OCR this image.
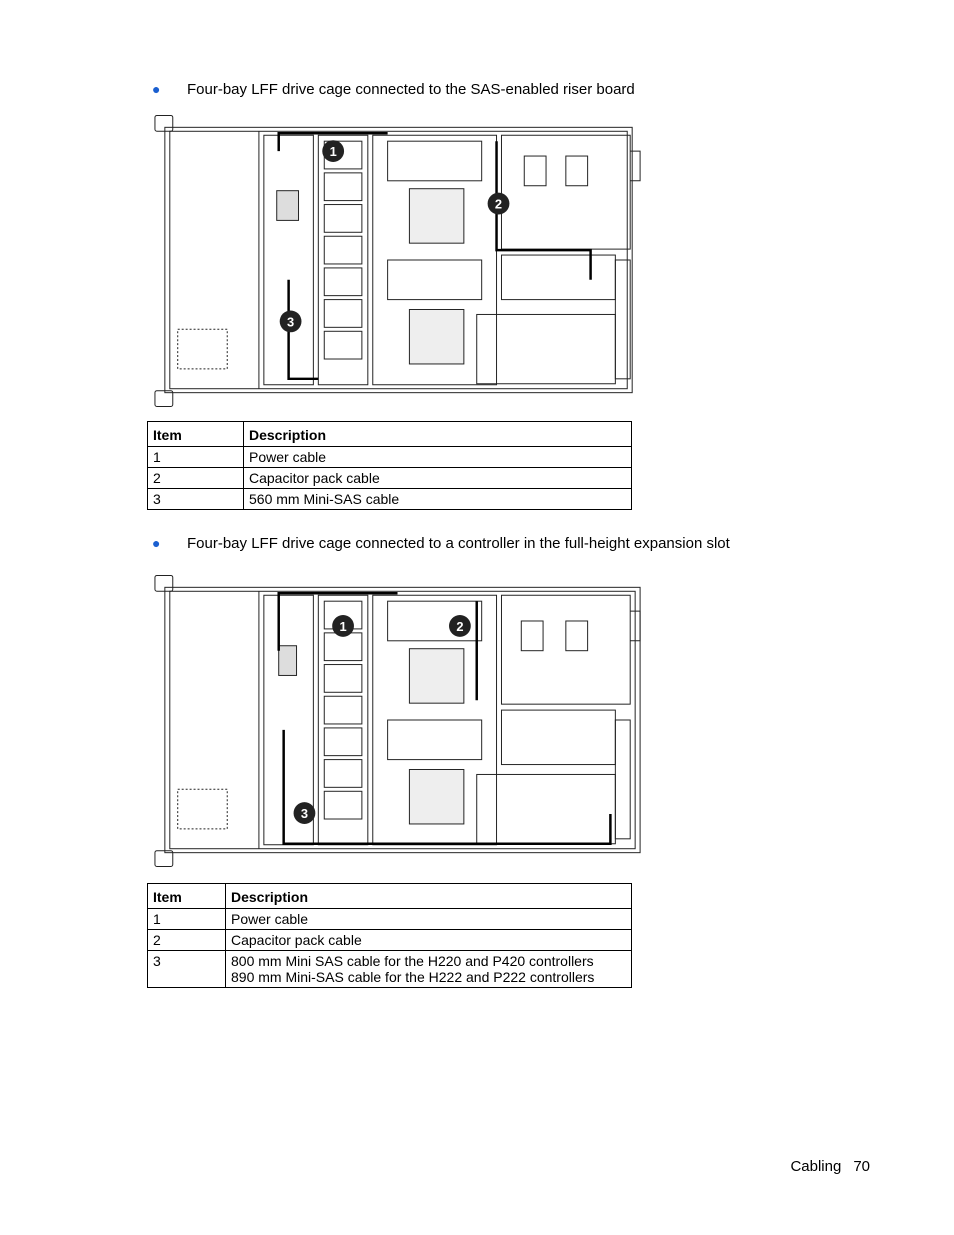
● Four-bay LFF drive cage connected to the SAS-enabled riser board
1
2
3
Item	Description
1	Power cable
2	Capacitor pack cable
3	560 mm Mini-SAS cable
● Four-bay LFF drive cage connected to a controller in the full-height expansion slot
1	2
3
Item	Description
1	Power cable
2	Capacitor pack cable
3	800 mm Mini SAS cable for the H220 and P420 controllers
890 mm Mini-SAS cable for the H222 and P222 controllers
Cabling 70
